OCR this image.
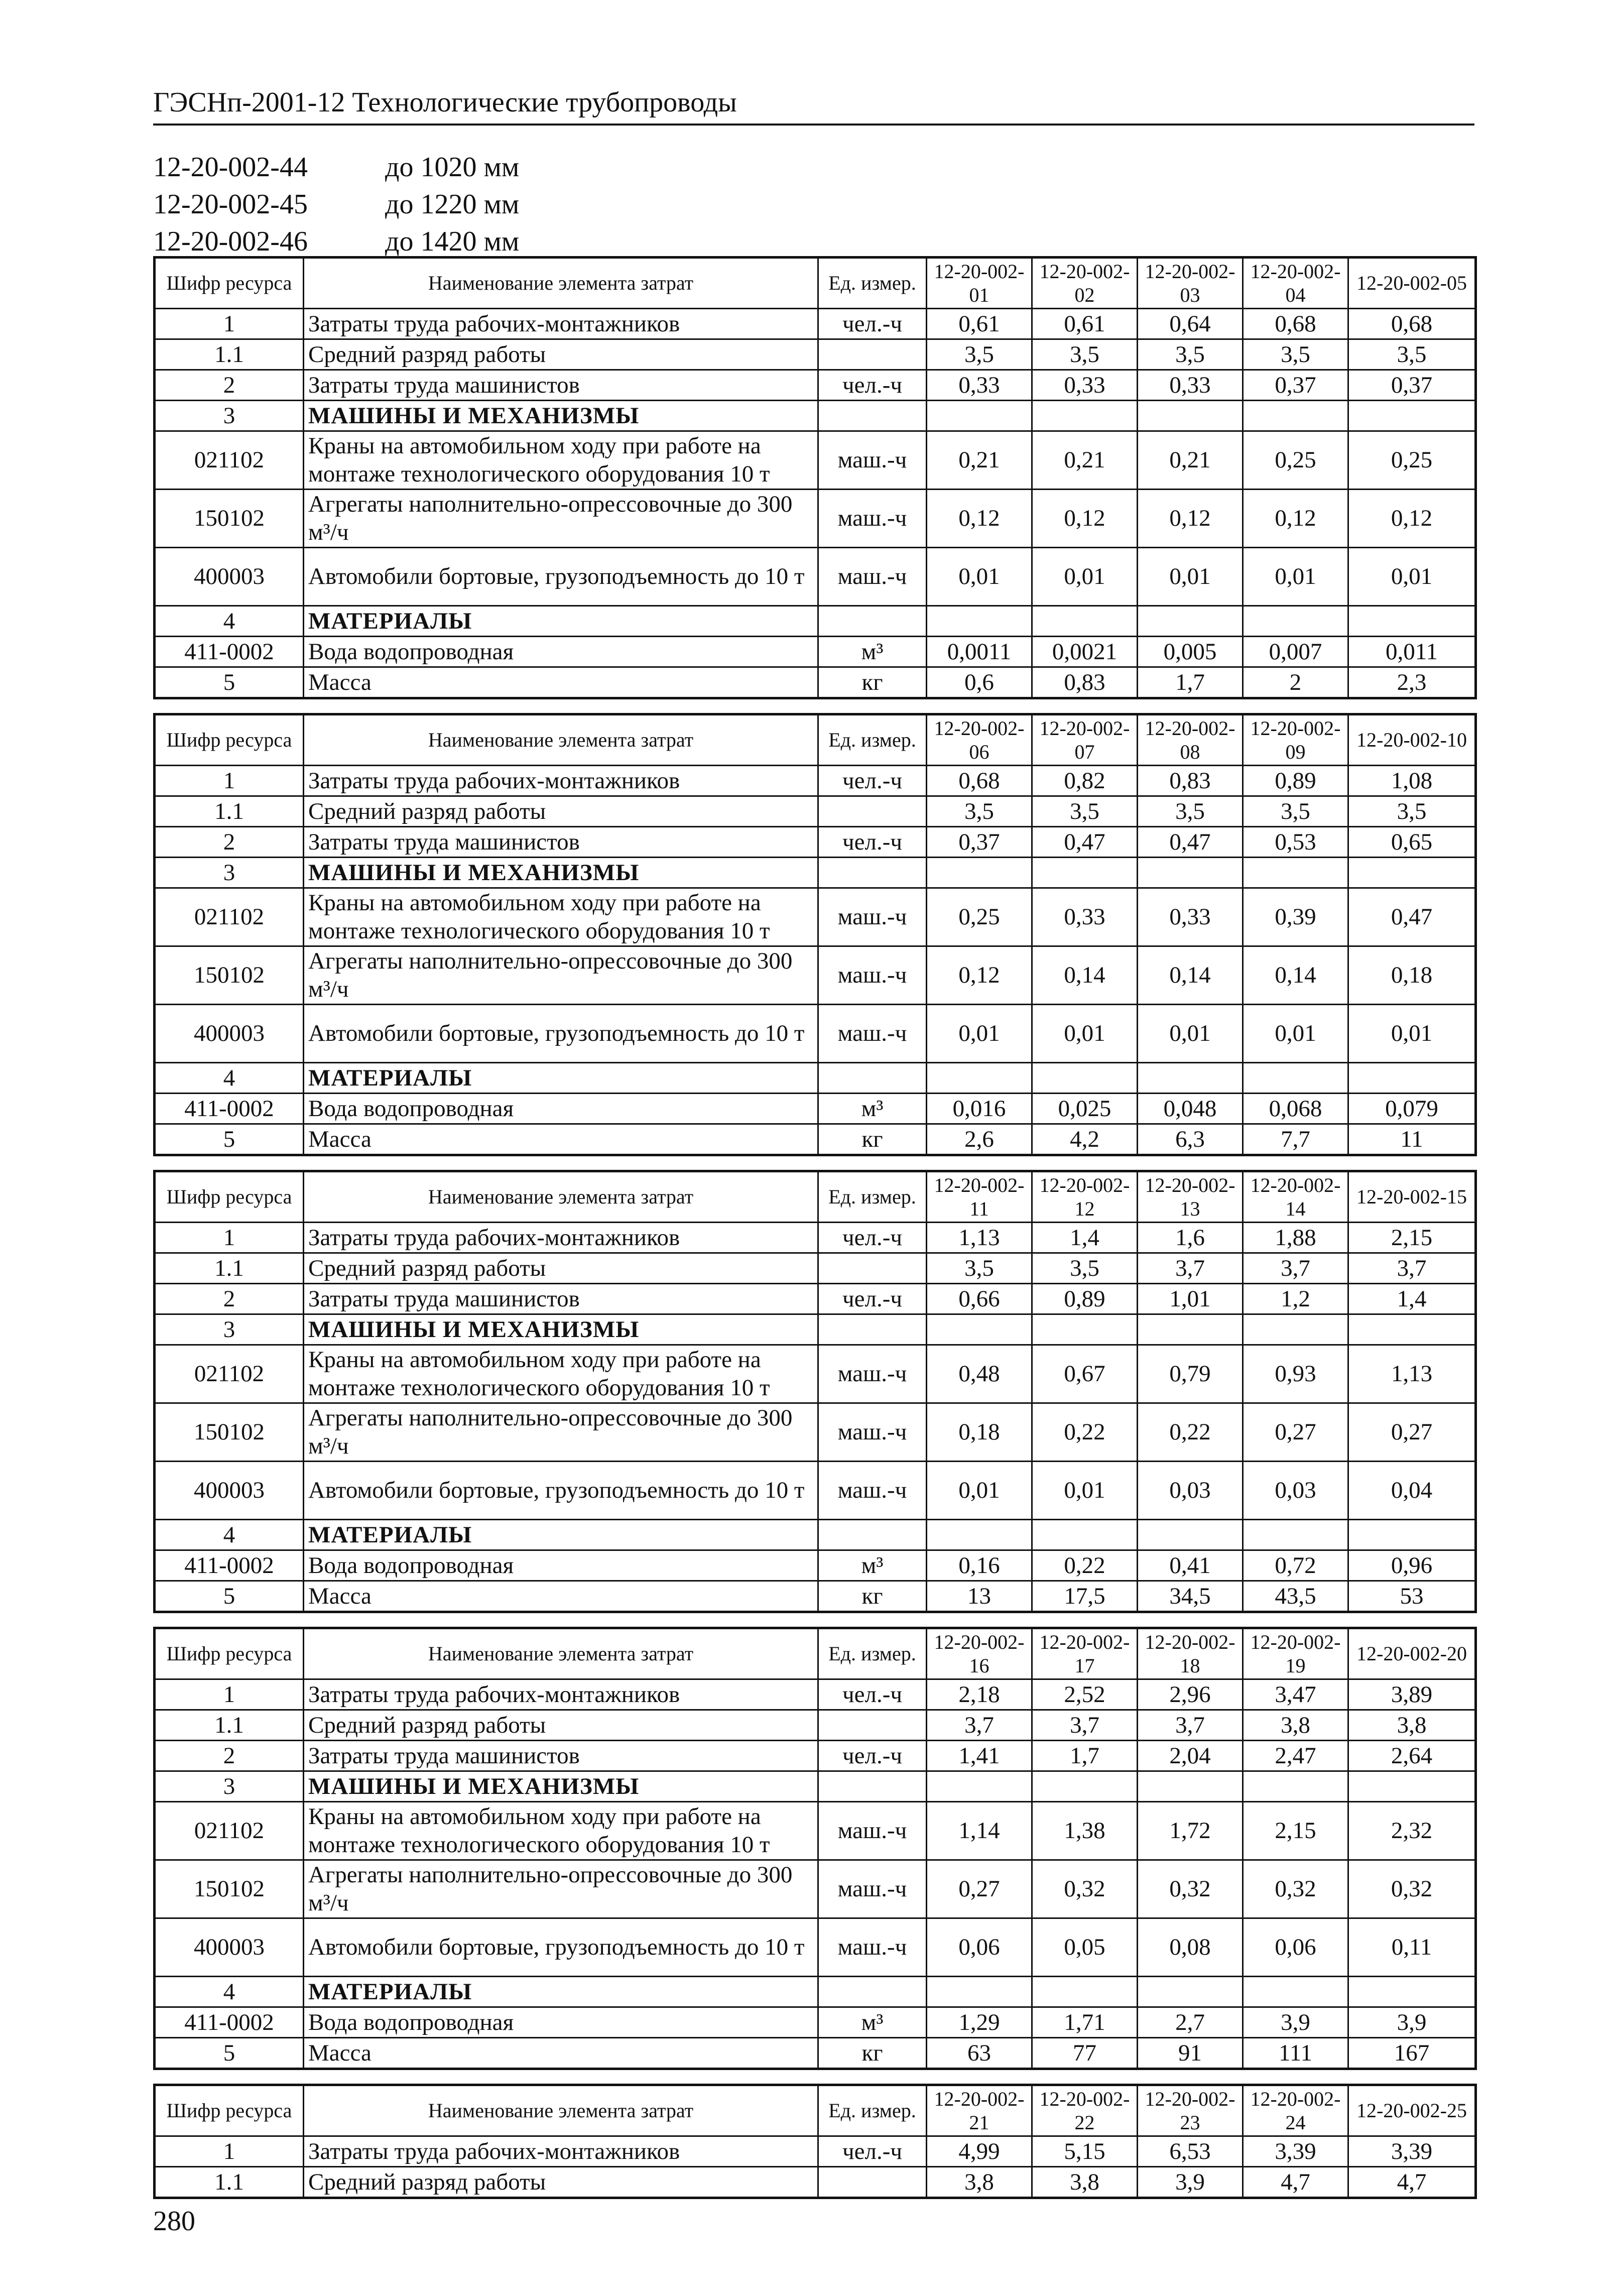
ГЭСНп-2001-12 Технологические трубопроводы
12-20-002-44	до 1020 мм
12-20-002-45	до 1220 мм
12-20-002-46	до 1420 мм
Шифр ресурса	Наименование элемента затрат	Ед. измер.	12-20-002-01	12-20-002-02	12-20-002-03	12-20-002-04	12-20-002-05
1	Затраты труда рабочих-монтажников	чел.-ч	0,61	0,61	0,64	0,68	0,68
1.1	Средний разряд работы		3,5	3,5	3,5	3,5	3,5
2	Затраты труда машинистов	чел.-ч	0,33	0,33	0,33	0,37	0,37
3	МАШИНЫ И МЕХАНИЗМЫ						
021102	Краны на автомобильном ходу при работе на монтаже технологического оборудования 10 т	маш.-ч	0,21	0,21	0,21	0,25	0,25
150102	Агрегаты наполнительно-опрессовочные до 300 м³/ч	маш.-ч	0,12	0,12	0,12	0,12	0,12
400003	Автомобили бортовые, грузоподъемность до 10 т	маш.-ч	0,01	0,01	0,01	0,01	0,01
4	МАТЕРИАЛЫ						
411-0002	Вода водопроводная	м³	0,0011	0,0021	0,005	0,007	0,011
5	Масса	кг	0,6	0,83	1,7	2	2,3
Шифр ресурса	Наименование элемента затрат	Ед. измер.	12-20-002-06	12-20-002-07	12-20-002-08	12-20-002-09	12-20-002-10
1	Затраты труда рабочих-монтажников	чел.-ч	0,68	0,82	0,83	0,89	1,08
1.1	Средний разряд работы		3,5	3,5	3,5	3,5	3,5
2	Затраты труда машинистов	чел.-ч	0,37	0,47	0,47	0,53	0,65
3	МАШИНЫ И МЕХАНИЗМЫ						
021102	Краны на автомобильном ходу при работе на монтаже технологического оборудования 10 т	маш.-ч	0,25	0,33	0,33	0,39	0,47
150102	Агрегаты наполнительно-опрессовочные до 300 м³/ч	маш.-ч	0,12	0,14	0,14	0,14	0,18
400003	Автомобили бортовые, грузоподъемность до 10 т	маш.-ч	0,01	0,01	0,01	0,01	0,01
4	МАТЕРИАЛЫ						
411-0002	Вода водопроводная	м³	0,016	0,025	0,048	0,068	0,079
5	Масса	кг	2,6	4,2	6,3	7,7	11
Шифр ресурса	Наименование элемента затрат	Ед. измер.	12-20-002-11	12-20-002-12	12-20-002-13	12-20-002-14	12-20-002-15
1	Затраты труда рабочих-монтажников	чел.-ч	1,13	1,4	1,6	1,88	2,15
1.1	Средний разряд работы		3,5	3,5	3,7	3,7	3,7
2	Затраты труда машинистов	чел.-ч	0,66	0,89	1,01	1,2	1,4
3	МАШИНЫ И МЕХАНИЗМЫ						
021102	Краны на автомобильном ходу при работе на монтаже технологического оборудования 10 т	маш.-ч	0,48	0,67	0,79	0,93	1,13
150102	Агрегаты наполнительно-опрессовочные до 300 м³/ч	маш.-ч	0,18	0,22	0,22	0,27	0,27
400003	Автомобили бортовые, грузоподъемность до 10 т	маш.-ч	0,01	0,01	0,03	0,03	0,04
4	МАТЕРИАЛЫ						
411-0002	Вода водопроводная	м³	0,16	0,22	0,41	0,72	0,96
5	Масса	кг	13	17,5	34,5	43,5	53
Шифр ресурса	Наименование элемента затрат	Ед. измер.	12-20-002-16	12-20-002-17	12-20-002-18	12-20-002-19	12-20-002-20
1	Затраты труда рабочих-монтажников	чел.-ч	2,18	2,52	2,96	3,47	3,89
1.1	Средний разряд работы		3,7	3,7	3,7	3,8	3,8
2	Затраты труда машинистов	чел.-ч	1,41	1,7	2,04	2,47	2,64
3	МАШИНЫ И МЕХАНИЗМЫ						
021102	Краны на автомобильном ходу при работе на монтаже технологического оборудования 10 т	маш.-ч	1,14	1,38	1,72	2,15	2,32
150102	Агрегаты наполнительно-опрессовочные до 300 м³/ч	маш.-ч	0,27	0,32	0,32	0,32	0,32
400003	Автомобили бортовые, грузоподъемность до 10 т	маш.-ч	0,06	0,05	0,08	0,06	0,11
4	МАТЕРИАЛЫ						
411-0002	Вода водопроводная	м³	1,29	1,71	2,7	3,9	3,9
5	Масса	кг	63	77	91	111	167
Шифр ресурса	Наименование элемента затрат	Ед. измер.	12-20-002-21	12-20-002-22	12-20-002-23	12-20-002-24	12-20-002-25
1	Затраты труда рабочих-монтажников	чел.-ч	4,99	5,15	6,53	3,39	3,39
1.1	Средний разряд работы		3,8	3,8	3,9	4,7	4,7
280
